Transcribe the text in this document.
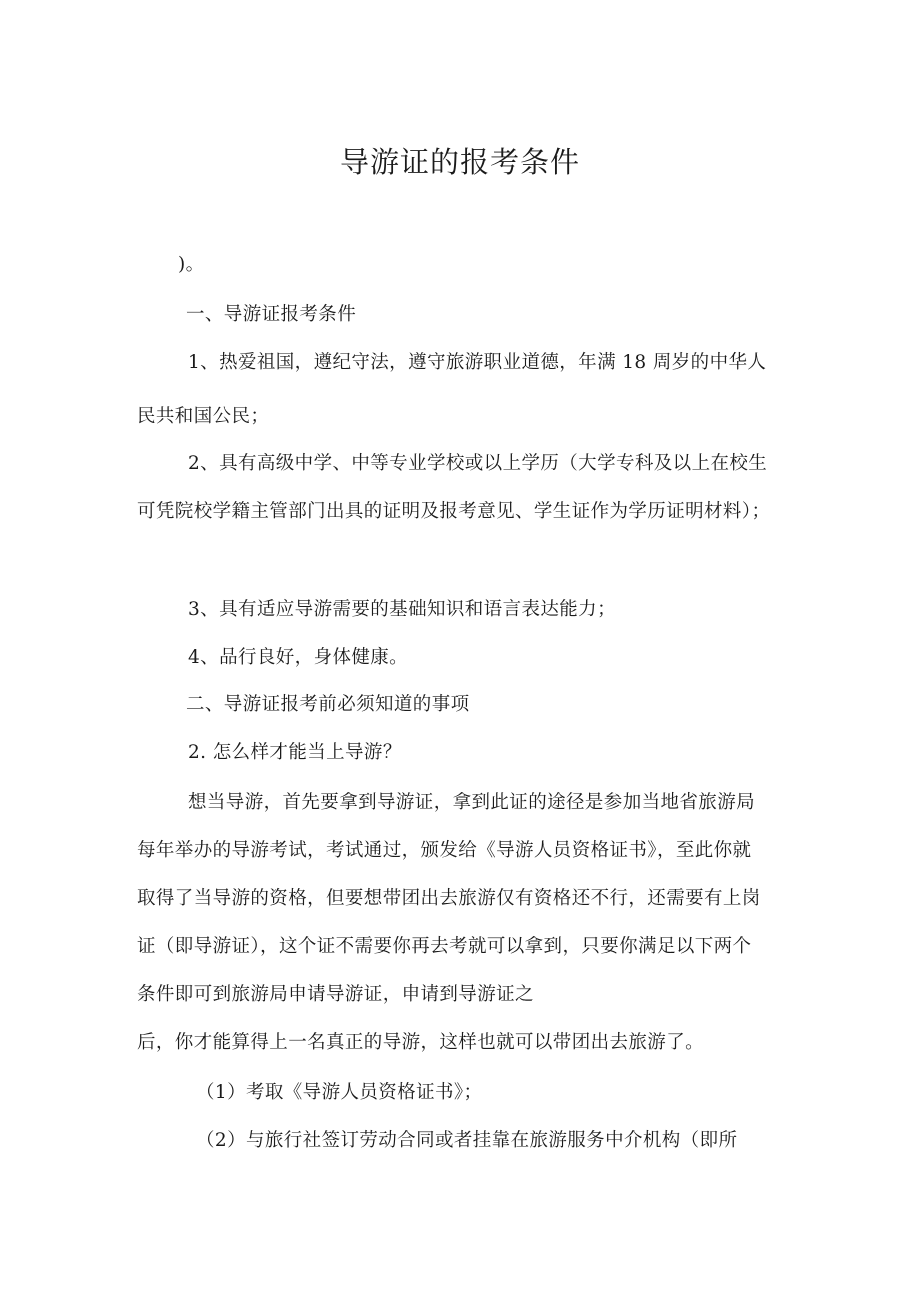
导游证的报考条件
)。
一、导游证报考条件
1、热爱祖国，遵纪守法，遵守旅游职业道德，年满 18 周岁的中华人
民共和国公民；
2、具有高级中学、中等专业学校或以上学历（大学专科及以上在校生
可凭院校学籍主管部门出具的证明及报考意见、学生证作为学历证明材料）；
3、具有适应导游需要的基础知识和语言表达能力；
4、品行良好，身体健康。
二、导游证报考前必须知道的事项
2. 怎么样才能当上导游？
想当导游，首先要拿到导游证，拿到此证的途径是参加当地省旅游局
每年举办的导游考试，考试通过，颁发给《导游人员资格证书》，至此你就
取得了当导游的资格，但要想带团出去旅游仅有资格还不行，还需要有上岗
证（即导游证），这个证不需要你再去考就可以拿到，只要你满足以下两个
条件即可到旅游局申请导游证，申请到导游证之
后，你才能算得上一名真正的导游，这样也就可以带团出去旅游了。
（1）考取《导游人员资格证书》；
（2）与旅行社签订劳动合同或者挂靠在旅游服务中介机构（即所
